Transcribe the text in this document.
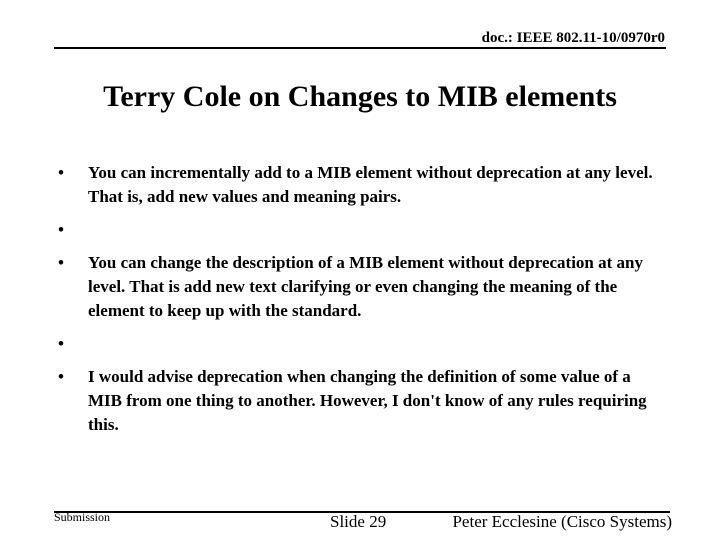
doc.: IEEE 802.11-10/0970r0
Terry Cole on Changes to MIB elements
• You can incrementally add to a MIB element without deprecation at any level. That is, add new values and meaning pairs.
•

• You can change the description of a MIB element without deprecation at any level. That is add new text clarifying or even changing the meaning of the element to keep up with the standard.
•

• I would advise deprecation when changing the definition of some value of a MIB from one thing to another. However, I don't know of any rules requiring this.
Submission	Slide 29	Peter Ecclesine (Cisco Systems)
